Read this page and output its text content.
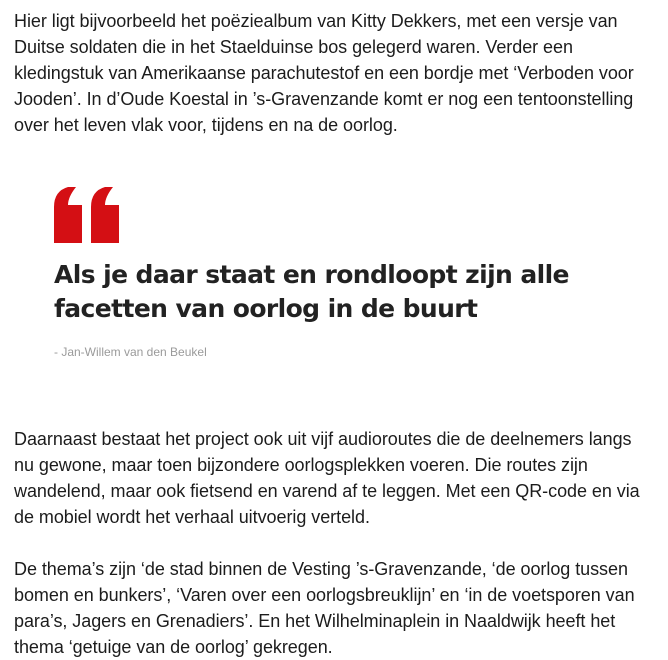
Hier ligt bijvoorbeeld het poëziealbum van Kitty Dekkers, met een versje van Duitse soldaten die in het Staelduinse bos gelegerd waren. Verder een kledingstuk van Amerikaanse parachutestof en een bordje met ‘Verboden voor Jooden’. In d’Oude Koestal in ’s-Gravenzande komt er nog een tentoonstelling over het leven vlak voor, tijdens en na de oorlog.

Als je daar staat en rondloopt zijn alle facetten van oorlog in de buurt

- Jan-Willem van den Beukel

Daarnaast bestaat het project ook uit vijf audioroutes die de deelnemers langs nu gewone, maar toen bijzondere oorlogsplekken voeren. Die routes zijn wandelend, maar ook fietsend en varend af te leggen. Met een QR-code en via de mobiel wordt het verhaal uitvoerig verteld.

De thema’s zijn ‘de stad binnen de Vesting ’s-Gravenzande, ‘de oorlog tussen bomen en bunkers’, ‘Varen over een oorlogsbreuklijn’ en ‘in de voetsporen van para’s, Jagers en Grenadiers’. En het Wilhelminaplein in Naaldwijk heeft het thema ‘getuige van de oorlog’ gekregen.
